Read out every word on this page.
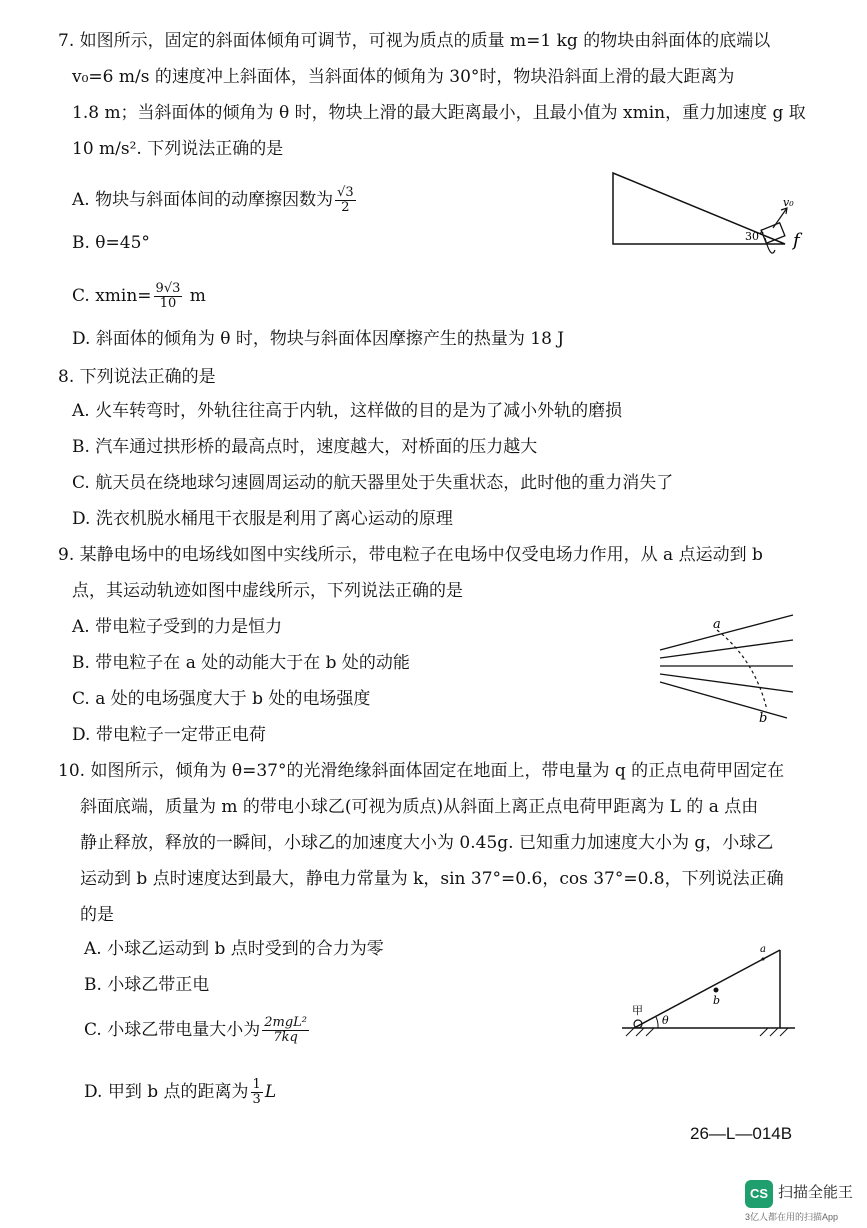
7. 如图所示，固定的斜面体倾角可调节，可视为质点的质量 m=1 kg 的物块由斜面体的底端以
v₀=6 m/s 的速度冲上斜面体，当斜面体的倾角为 30°时，物块沿斜面上滑的最大距离为
1.8 m；当斜面体的倾角为 θ 时，物块上滑的最大距离最小，且最小值为 xmin，重力加速度 g 取
10 m/s². 下列说法正确的是
A. 物块与斜面体间的动摩擦因数为 $\frac{√3}{2}$
B. θ=45°
C. $xmin= \frac{9√3}{10}$ m
D. 斜面体的倾角为 θ 时，物块与斜面体因摩擦产生的热量为 18 J
v₀
30° f
8. 下列说法正确的是
A. 火车转弯时，外轨往往高于内轨，这样做的目的是为了减小外轨的磨损
B. 汽车通过拱形桥的最高点时，速度越大，对桥面的压力越大
C. 航天员在绕地球匀速圆周运动的航天器里处于失重状态，此时他的重力消失了
D. 洗衣机脱水桶甩干衣服是利用了离心运动的原理
9. 某静电场中的电场线如图中实线所示，带电粒子在电场中仅受电场力作用，从 a 点运动到 b
点，其运动轨迹如图中虚线所示，下列说法正确的是
A. 带电粒子受到的力是恒力
B. 带电粒子在 a 处的动能大于在 b 处的动能
C. a 处的电场强度大于 b 处的电场强度
D. 带电粒子一定带正电荷
a
b
10. 如图所示，倾角为 θ=37°的光滑绝缘斜面体固定在地面上，带电量为 q 的正点电荷甲固定在
斜面底端，质量为 m 的带电小球乙(可视为质点)从斜面上离正点电荷甲距离为 L 的 a 点由
静止释放，释放的一瞬间，小球乙的加速度大小为 0.45g. 已知重力加速度大小为 g，小球乙
运动到 b 点时速度达到最大，静电力常量为 k，sin 37°=0.6，cos 37°=0.8，下列说法正确
的是
A. 小球乙运动到 b 点时受到的合力为零
B. 小球乙带正电
C. 小球乙带电量大小为 $\frac{\text{2mgL²}}{7kq}$
D. 甲到 b 点的距离为 $\frac{1}{3}$ L
甲
θ
b
a
26—L—014B
CS 扫描全能王
3亿人都在用的扫描App
